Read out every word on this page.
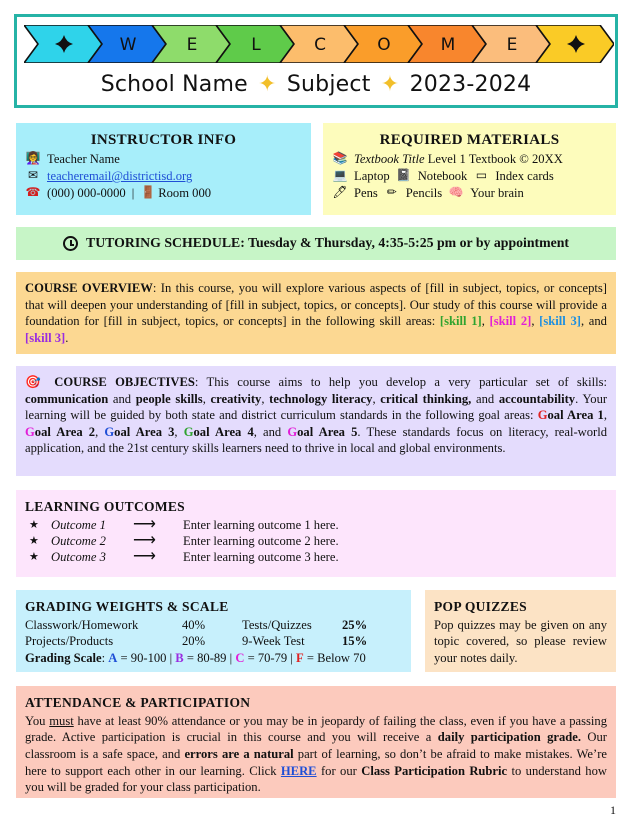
W	E	L	C	O	M	E
School Name ✦ Subject ✦ 2023-2024
INSTRUCTOR INFO
👩‍🏫 Teacher Name
✉ teacheremail@districtisd.org
☎ (000) 000-0000 | 🚪 Room 000
REQUIRED MATERIALS
📚 Textbook Title Level 1 Textbook © 20XX
💻 Laptop 📓 Notebook ▭ Index cards
🖊 Pens ✏ Pencils 🧠 Your brain
TUTORING SCHEDULE: Tuesday & Thursday, 4:35-5:25 pm or by appointment

COURSE OVERVIEW: In this course, you will explore various aspects of [fill in subject, topics, or concepts] that will deepen your understanding of [fill in subject, topics, or concepts]. Our study of this course will provide a foundation for [fill in subject, topics, or concepts] in the following skill areas: [skill 1], [skill 2], [skill 3], and [skill 3].

🎯 COURSE OBJECTIVES: This course aims to help you develop a very particular set of skills: communication and people skills, creativity, technology literacy, critical thinking, and accountability. Your learning will be guided by both state and district curriculum standards in the following goal areas: Goal Area 1, Goal Area 2, Goal Area 3, Goal Area 4, and Goal Area 5. These standards focus on literacy, real-world application, and the 21st century skills learners need to thrive in local and global environments.

LEARNING OUTCOMES
★ Outcome 1	⟶	Enter learning outcome 1 here.
★ Outcome 2	⟶	Enter learning outcome 2 here.
★ Outcome 3	⟶	Enter learning outcome 3 here.
GRADING WEIGHTS & SCALE
Classwork/Homework	40%	Tests/Quizzes	25%
Projects/Products	20%	9-Week Test	15%
Grading Scale: A = 90-100 | B = 80-89 | C = 70-79 | F = Below 70
POP QUIZZES

Pop quizzes may be given on any topic covered, so please review your notes daily.

ATTENDANCE & PARTICIPATION

You must have at least 90% attendance or you may be in jeopardy of failing the class, even if you have a passing grade. Active participation is crucial in this course and you will receive a daily participation grade. Our classroom is a safe space, and errors are a natural part of learning, so don’t be afraid to make mistakes. We’re here to support each other in our learning. Click HERE for our Class Participation Rubric to understand how you will be graded for your class participation.

1
